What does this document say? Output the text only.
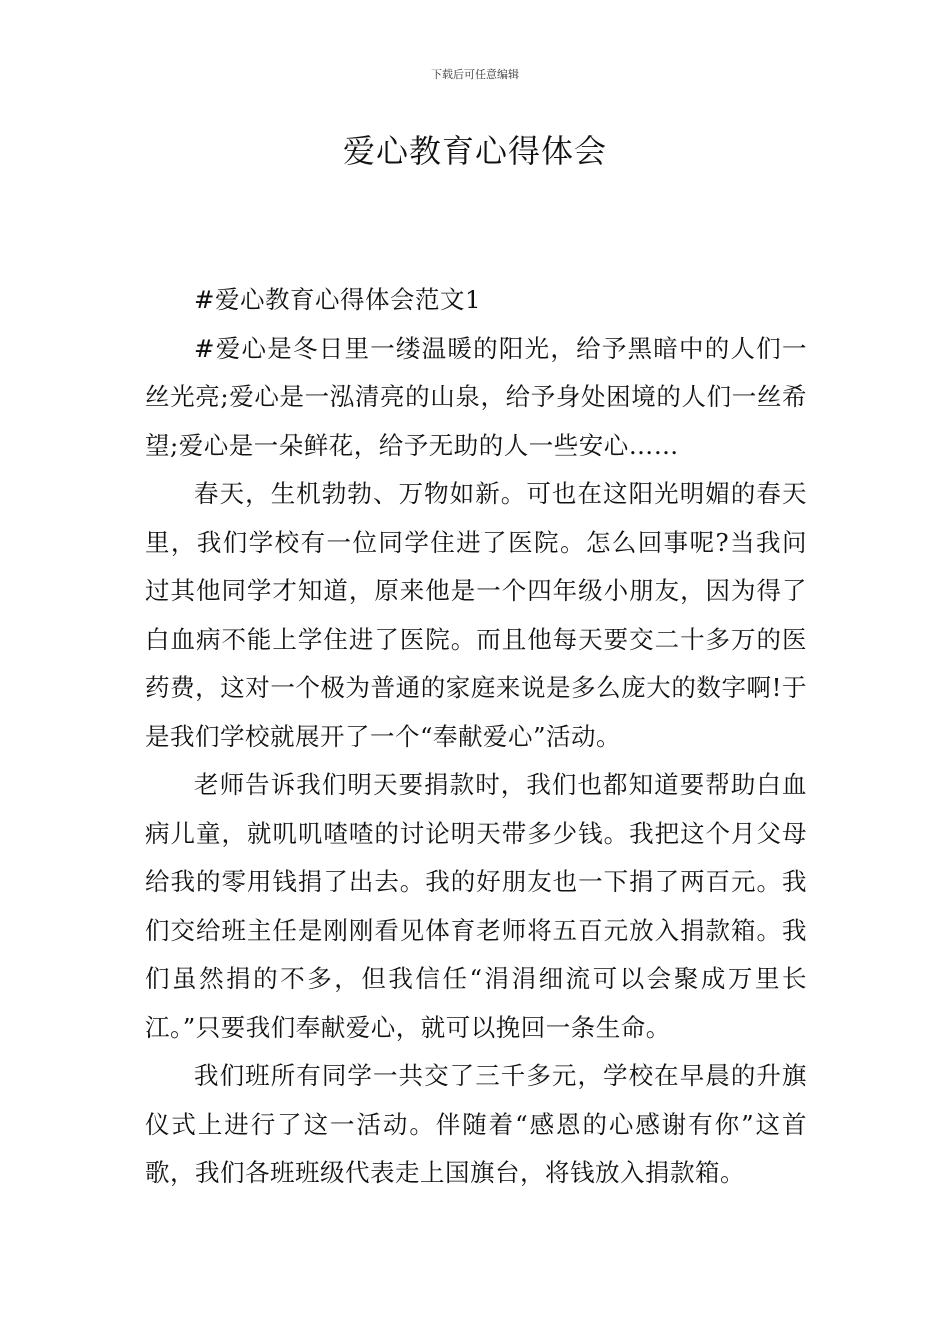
下载后可任意编辑
爱心教育心得体会

#爱心教育心得体会范文1

#爱心是冬日里一缕温暖的阳光，给予黑暗中的人们一丝光亮;爱心是一泓清亮的山泉，给予身处困境的人们一丝希望;爱心是一朵鲜花，给予无助的人一些安心……

春天，生机勃勃、万物如新。可也在这阳光明媚的春天里，我们学校有一位同学住进了医院。怎么回事呢?当我问过其他同学才知道，原来他是一个四年级小朋友，因为得了白血病不能上学住进了医院。而且他每天要交二十多万的医药费，这对一个极为普通的家庭来说是多么庞大的数字啊!于是我们学校就展开了一个“奉献爱心”活动。

老师告诉我们明天要捐款时，我们也都知道要帮助白血病儿童，就叽叽喳喳的讨论明天带多少钱。我把这个月父母给我的零用钱捐了出去。我的好朋友也一下捐了两百元。我们交给班主任是刚刚看见体育老师将五百元放入捐款箱。我们虽然捐的不多，但我信任“涓涓细流可以会聚成万里长江。”只要我们奉献爱心，就可以挽回一条生命。

我们班所有同学一共交了三千多元，学校在早晨的升旗仪式上进行了这一活动。伴随着“感恩的心感谢有你”这首歌，我们各班班级代表走上国旗台，将钱放入捐款箱。
